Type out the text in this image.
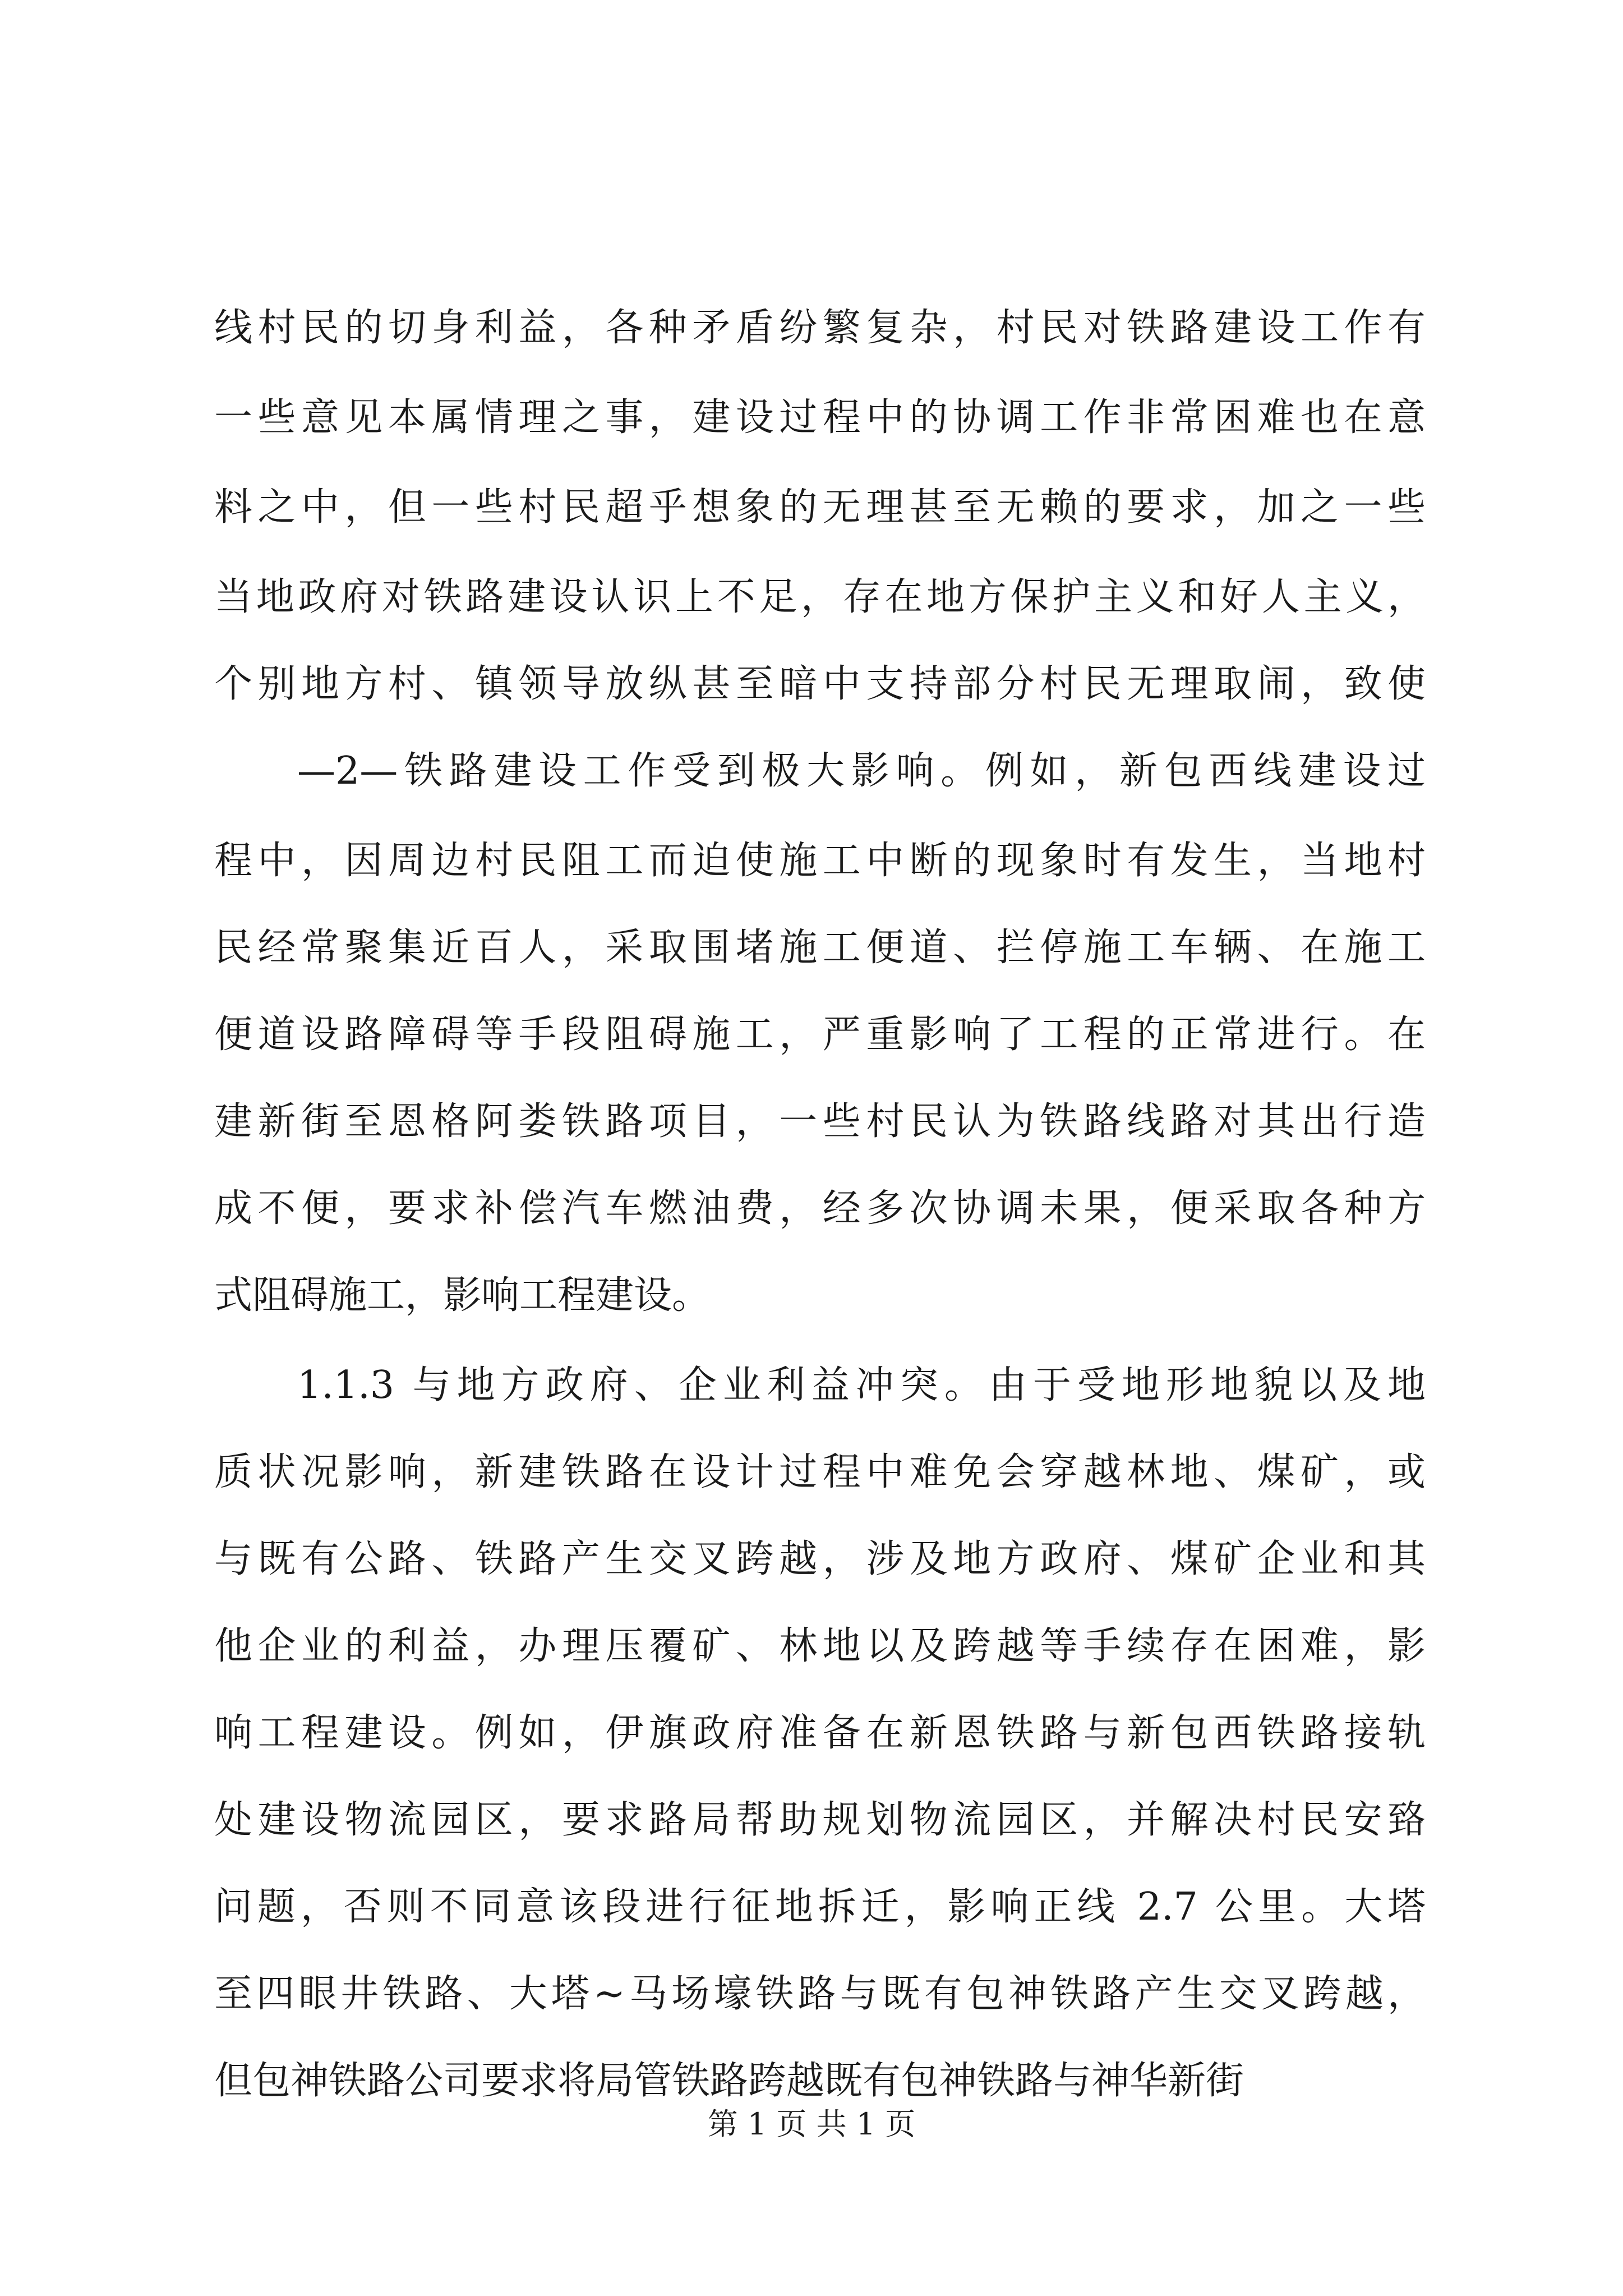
线村民的切身利益，各种矛盾纷繁复杂，村民对铁路建设工作有
一些意见本属情理之事，建设过程中的协调工作非常困难也在意
料之中，但一些村民超乎想象的无理甚至无赖的要求，加之一些
当地政府对铁路建设认识上不足，存在地方保护主义和好人主义，
个别地方村、镇领导放纵甚至暗中支持部分村民无理取闹，致使
—2—铁路建设工作受到极大影响。例如，新包西线建设过
程中，因周边村民阻工而迫使施工中断的现象时有发生，当地村
民经常聚集近百人，采取围堵施工便道、拦停施工车辆、在施工
便道设路障碍等手段阻碍施工，严重影响了工程的正常进行。在
建新街至恩格阿娄铁路项目，一些村民认为铁路线路对其出行造
成不便，要求补偿汽车燃油费，经多次协调未果，便采取各种方
式阻碍施工，影响工程建设。
1.1.3 与地方政府、企业利益冲突。由于受地形地貌以及地
质状况影响，新建铁路在设计过程中难免会穿越林地、煤矿，或
与既有公路、铁路产生交叉跨越，涉及地方政府、煤矿企业和其
他企业的利益，办理压覆矿、林地以及跨越等手续存在困难，影
响工程建设。例如，伊旗政府准备在新恩铁路与新包西铁路接轨
处建设物流园区，要求路局帮助规划物流园区，并解决村民安臵
问题，否则不同意该段进行征地拆迁，影响正线 2.7 公里。大塔
至四眼井铁路、大塔~马场壕铁路与既有包神铁路产生交叉跨越，
但包神铁路公司要求将局管铁路跨越既有包神铁路与神华新街
第 1 页 共 1 页
